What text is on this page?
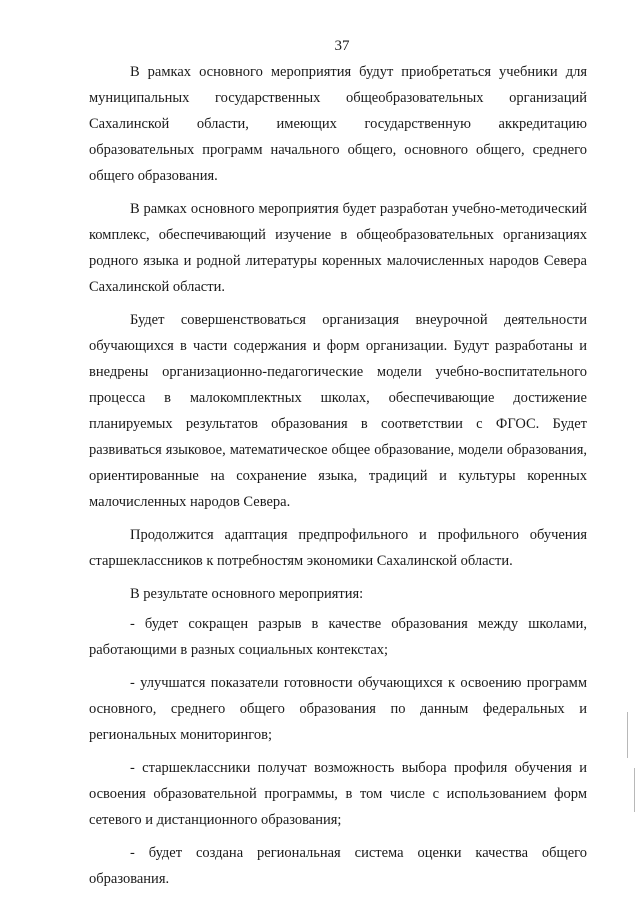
37

В рамках основного мероприятия будут приобретаться учебники для муниципальных государственных общеобразовательных организаций Сахалинской области, имеющих государственную аккредитацию образовательных программ начального общего, основного общего, среднего общего образования.

В рамках основного мероприятия будет разработан учебно-методический комплекс, обеспечивающий изучение в общеобразовательных организациях родного языка и родной литературы коренных малочисленных народов Севера Сахалинской области.

Будет совершенствоваться организация внеурочной деятельности обучающихся в части содержания и форм организации. Будут разработаны и внедрены организационно-педагогические модели учебно-воспитательного процесса в малокомплектных школах, обеспечивающие достижение планируемых результатов образования в соответствии с ФГОС. Будет развиваться языковое, математическое общее образование, модели образования, ориентированные на сохранение языка, традиций и культуры коренных малочисленных народов Севера.

Продолжится адаптация предпрофильного и профильного обучения старшеклассников к потребностям экономики Сахалинской области.

В результате основного мероприятия:

- будет сокращен разрыв в качестве образования между школами, работающими в разных социальных контекстах;

- улучшатся показатели готовности обучающихся к освоению программ основного, среднего общего образования по данным федеральных и региональных мониторингов;

- старшеклассники получат возможность выбора профиля обучения и освоения образовательной программы, в том числе с использованием форм сетевого и дистанционного образования;

- будет создана региональная система оценки качества общего образования.
